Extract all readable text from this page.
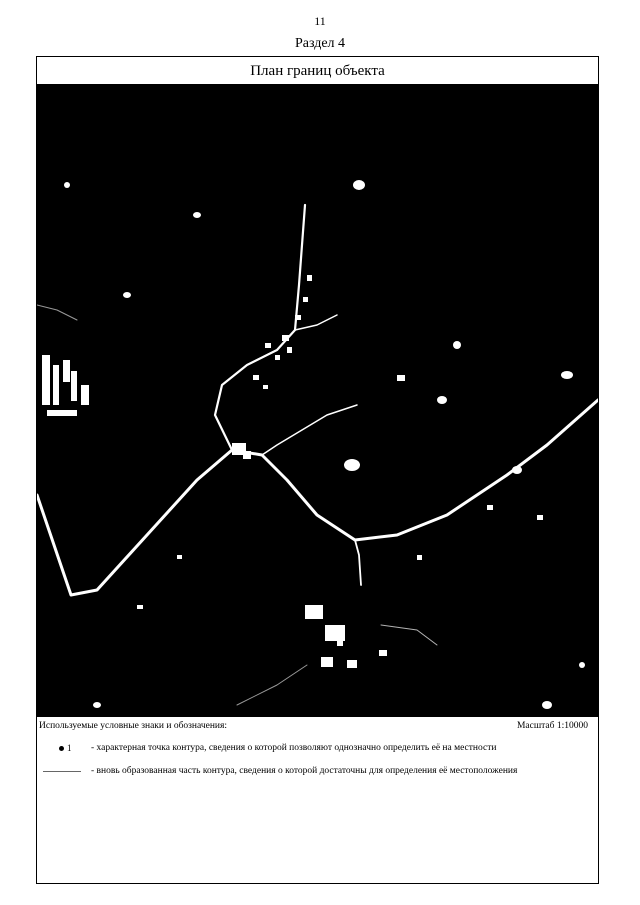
11
Раздел 4
План границ объекта
Используемые условные знаки и обозначения:	Масштаб 1:10000
1 - характерная точка контура, сведения о которой позволяют однозначно определить её на местности
- вновь образованная часть контура, сведения о которой достаточны для определения её местоположения
